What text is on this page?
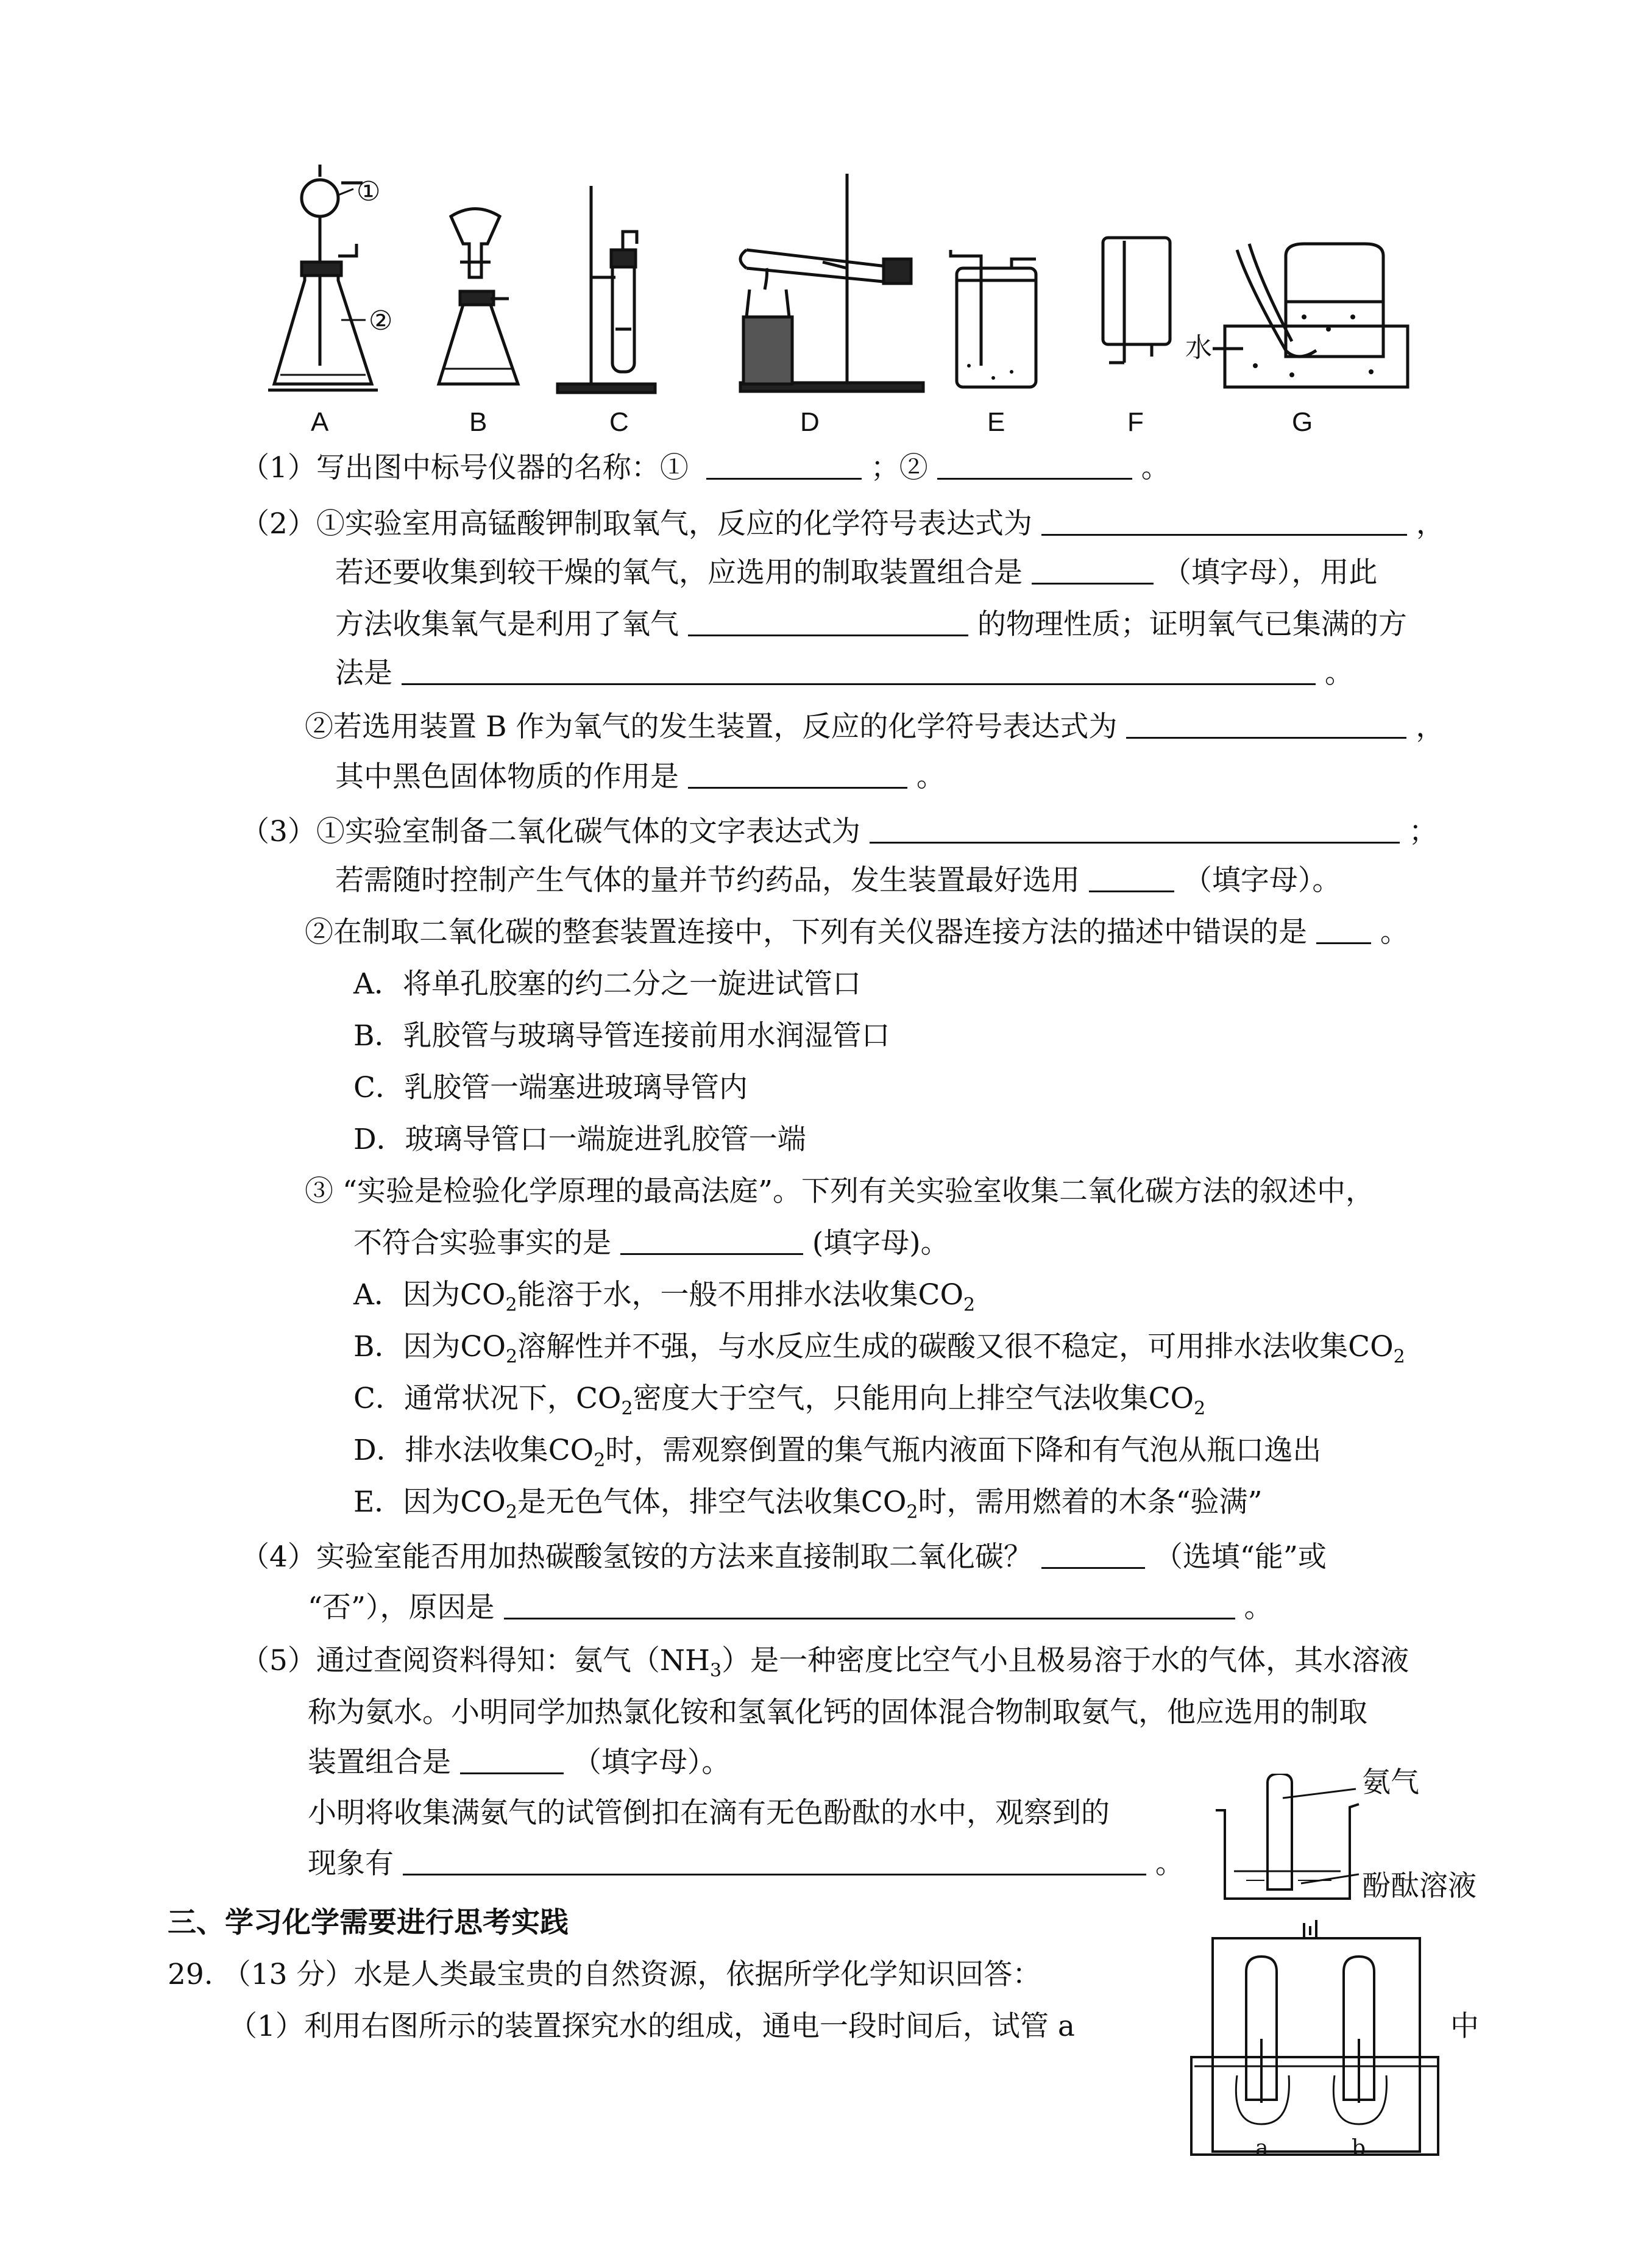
①
②
水
A	B	C	D	E	F	G
（1）写出图中标号仪器的名称：①	；②	。
（2）①实验室用高锰酸钾制取氧气，反应的化学符号表达式为	，
若还要收集到较干燥的氧气，应选用的制取装置组合是	（填字母），用此
方法收集氧气是利用了氧气	的物理性质；证明氧气已集满的方
法是	。
②若选用装置 B 作为氧气的发生装置，反应的化学符号表达式为	，
其中黑色固体物质的作用是	。
（3）①实验室制备二氧化碳气体的文字表达式为	；
若需随时控制产生气体的量并节约药品，发生装置最好选用	（填字母）。
②在制取二氧化碳的整套装置连接中，下列有关仪器连接方法的描述中错误的是	。
A．将单孔胶塞的约二分之一旋进试管口
B．乳胶管与玻璃导管连接前用水润湿管口
C．乳胶管一端塞进玻璃导管内
D．玻璃导管口一端旋进乳胶管一端
③ “实验是检验化学原理的最高法庭”。下列有关实验室收集二氧化碳方法的叙述中，
不符合实验事实的是	(填字母)。
A．因为$CO_2$能溶于水，一般不用排水法收集$CO_2$
B．因为$CO_2$溶解性并不强，与水反应生成的碳酸又很不稳定，可用排水法收集$CO_2$
C．通常状况下，$CO_2$密度大于空气，只能用向上排空气法收集$CO_2$
D．排水法收集$CO_2$时，需观察倒置的集气瓶内液面下降和有气泡从瓶口逸出
E．因为$CO_2$是无色气体，排空气法收集$CO_2$时，需用燃着的木条“验满”
（4）实验室能否用加热碳酸氢铵的方法来直接制取二氧化碳？	（选填“能”或
“否”），原因是	。
（5）通过查阅资料得知：氨气$(NH_3)$是一种密度比空气小且极易溶于水的气体，其水溶液
称为氨水。小明同学加热氯化铵和氢氧化钙的固体混合物制取氨气，他应选用的制取
装置组合是	（填字母）。
小明将收集满氨气的试管倒扣在滴有无色酚酞的水中，观察到的
现象有	。
氨气
酚酞溶液
三、学习化学需要进行思考实践
29. （13 分）水是人类最宝贵的自然资源，依据所学化学知识回答：
（1）利用右图所示的装置探究水的组成，通电一段时间后，试管 a	中
a	b
